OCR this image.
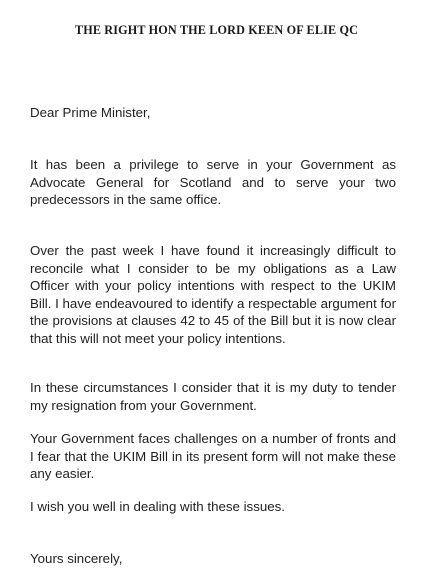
THE RIGHT HON THE LORD KEEN OF ELIE QC
Dear Prime Minister,
It has been a privilege to serve in your Government as Advocate General for Scotland and to serve your two predecessors in the same office.
Over the past week I have found it increasingly difficult to reconcile what I consider to be my obligations as a Law Officer with your policy intentions with respect to the UKIM Bill. I have endeavoured to identify a respectable argument for the provisions at clauses 42 to 45 of the Bill but it is now clear that this will not meet your policy intentions.
In these circumstances I consider that it is my duty to tender my resignation from your Government.
Your Government faces challenges on a number of fronts and I fear that the UKIM Bill in its present form will not make these any easier.
I wish you well in dealing with these issues.
Yours sincerely,
